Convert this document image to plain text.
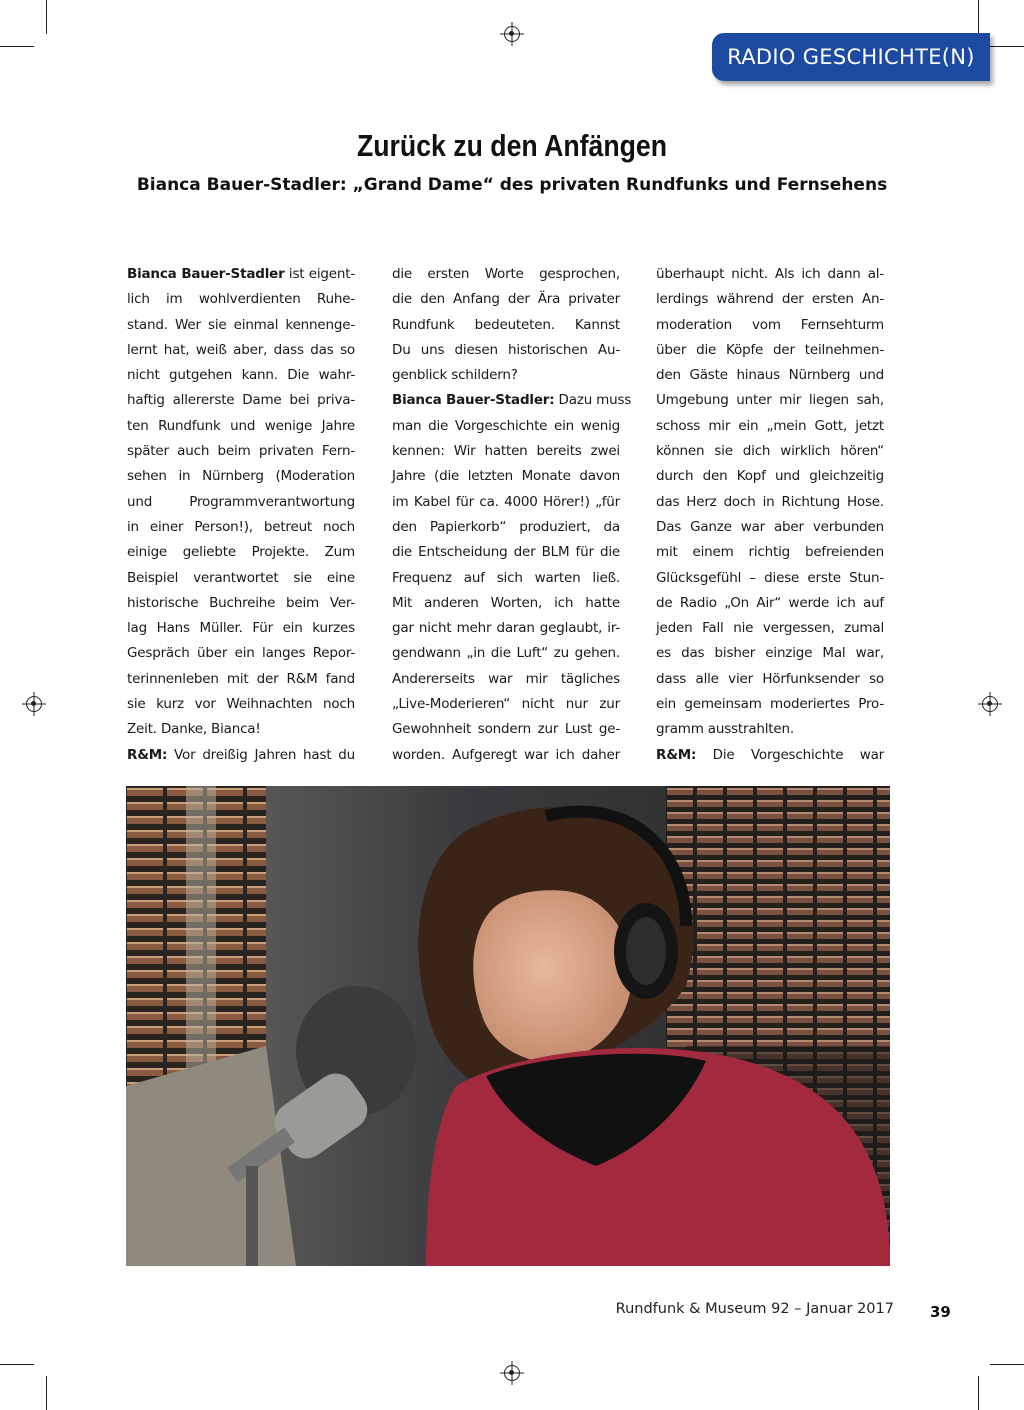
RADIO GESCHICHTE(N)
Zurück zu den Anfängen
Bianca Bauer-Stadler: „Grand Dame“ des privaten Rundfunks und Fernsehens
Bianca Bauer-Stadler ist eigent-
lich im wohlverdienten Ruhe-
stand. Wer sie einmal kennenge-
lernt hat, weiß aber, dass das so
nicht gutgehen kann. Die wahr-
haftig allererste Dame bei priva-
ten Rundfunk und wenige Jahre
später auch beim privaten Fern-
sehen in Nürnberg (Moderation
und Programmverantwortung
in einer Person!), betreut noch
einige geliebte Projekte. Zum
Beispiel verantwortet sie eine
historische Buchreihe beim Ver-
lag Hans Müller. Für ein kurzes
Gespräch über ein langes Repor-
terinnenleben mit der R&M fand
sie kurz vor Weihnachten noch
Zeit. Danke, Bianca!
R&M: Vor dreißig Jahren hast du
die ersten Worte gesprochen,
die den Anfang der Ära privater
Rundfunk bedeuteten. Kannst
Du uns diesen historischen Au-
genblick schildern?
Bianca Bauer-Stadler: Dazu muss
man die Vorgeschichte ein wenig
kennen: Wir hatten bereits zwei
Jahre (die letzten Monate davon
im Kabel für ca. 4000 Hörer!) „für
den Papierkorb“ produziert, da
die Entscheidung der BLM für die
Frequenz auf sich warten ließ.
Mit anderen Worten, ich hatte
gar nicht mehr daran geglaubt, ir-
gendwann „in die Luft“ zu gehen.
Andererseits war mir tägliches
„Live-Moderieren“ nicht nur zur
Gewohnheit sondern zur Lust ge-
worden. Aufgeregt war ich daher
überhaupt nicht. Als ich dann al-
lerdings während der ersten An-
moderation vom Fernsehturm
über die Köpfe der teilnehmen-
den Gäste hinaus Nürnberg und
Umgebung unter mir liegen sah,
schoss mir ein „mein Gott, jetzt
können sie dich wirklich hören“
durch den Kopf und gleichzeitig
das Herz doch in Richtung Hose.
Das Ganze war aber verbunden
mit einem richtig befreienden
Glücksgefühl – diese erste Stun-
de Radio „On Air“ werde ich auf
jeden Fall nie vergessen, zumal
es das bisher einzige Mal war,
dass alle vier Hörfunksender so
ein gemeinsam moderiertes Pro-
gramm ausstrahlten.
R&M: Die Vorgeschichte war
Rundfunk & Museum 92 – Januar 2017 39
